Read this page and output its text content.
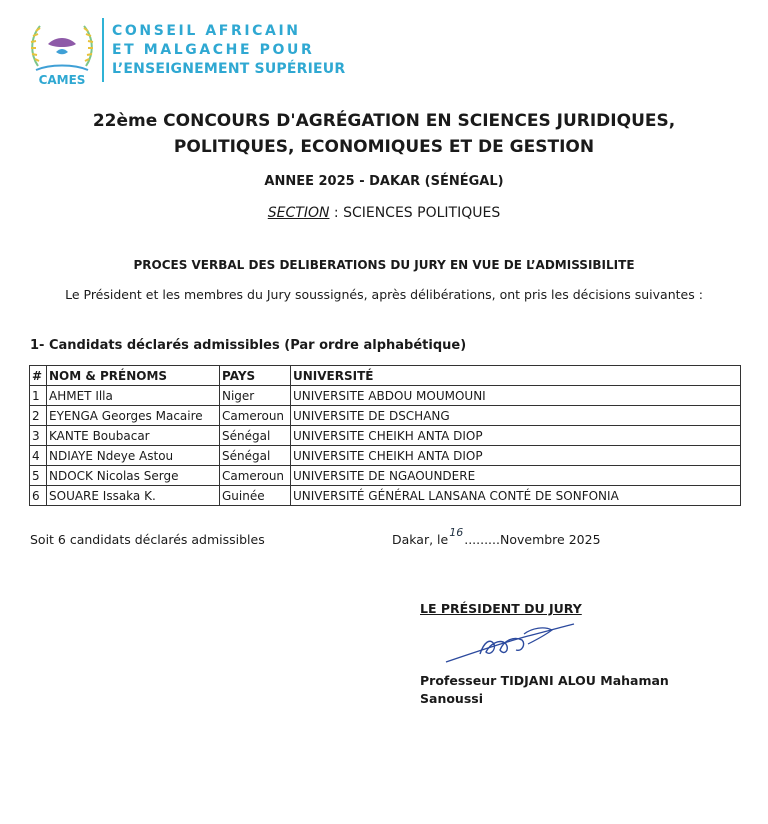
CAMES
CONSEIL AFRICAIN
ET MALGACHE POUR
L’ENSEIGNEMENT SUPÉRIEUR
22ème CONCOURS D'AGRÉGATION EN SCIENCES JURIDIQUES,
POLITIQUES, ECONOMIQUES ET DE GESTION
ANNEE 2025 - DAKAR (SÉNÉGAL)
SECTION : SCIENCES POLITIQUES
PROCES VERBAL DES DELIBERATIONS DU JURY EN VUE DE L’ADMISSIBILITE
Le Président et les membres du Jury soussignés, après délibérations, ont pris les décisions suivantes :
1- Candidats déclarés admissibles (Par ordre alphabétique)
#	NOM & PRÉNOMS	PAYS	UNIVERSITÉ
1	AHMET Illa	Niger	UNIVERSITE ABDOU MOUMOUNI
2	EYENGA Georges Macaire	Cameroun	UNIVERSITE DE DSCHANG
3	KANTE Boubacar	Sénégal	UNIVERSITE CHEIKH ANTA DIOP
4	NDIAYE Ndeye Astou	Sénégal	UNIVERSITE CHEIKH ANTA DIOP
5	NDOCK Nicolas Serge	Cameroun	UNIVERSITE DE NGAOUNDERE
6	SOUARE Issaka K.	Guinée	UNIVERSITÉ GÉNÉRAL LANSANA CONTÉ DE SONFONIA
Soit 6 candidats déclarés admissibles	Dakar, le16.........Novembre 2025
LE PRÉSIDENT DU JURY
Professeur TIDJANI ALOU Mahaman
Sanoussi
